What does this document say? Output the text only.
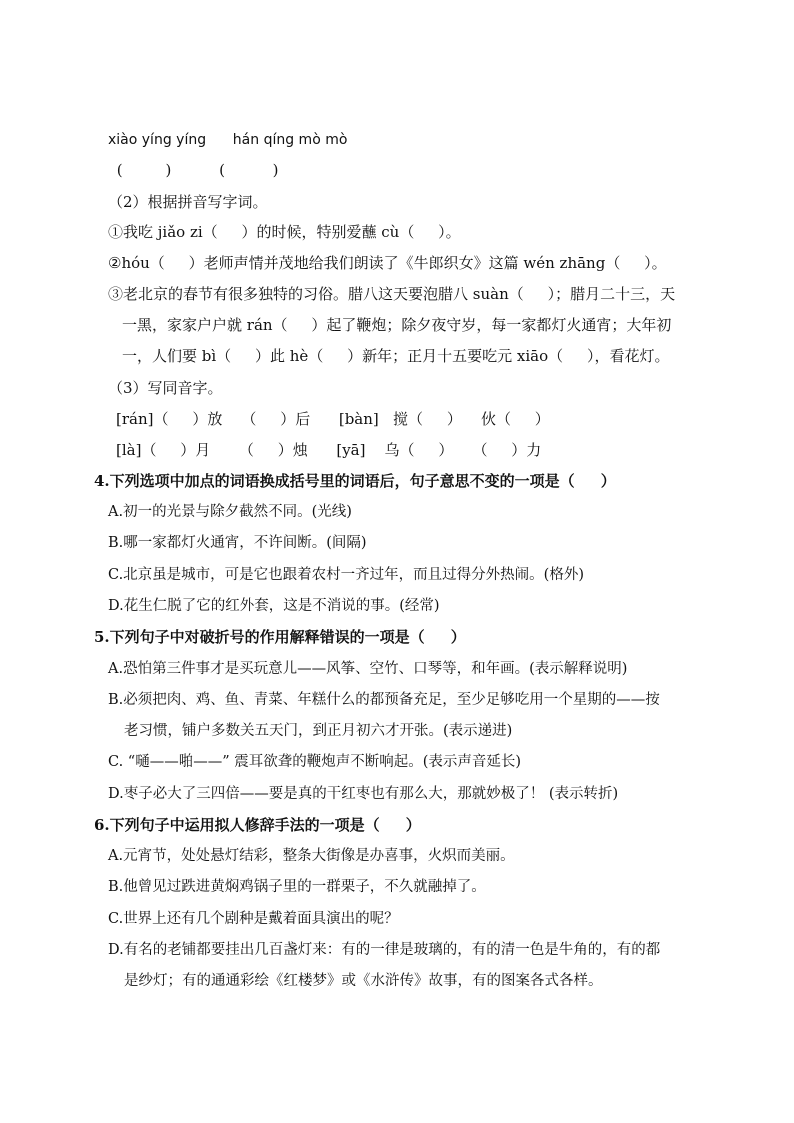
xiào yíng yíng      hán qíng mò mò
(         )          (          )
（2）根据拼音写字词。
①我吃 jiǎo zi（     ）的时候，特别爱蘸 cù（     ）。
②hóu（     ）老师声情并茂地给我们朗读了《牛郎织女》这篇 wén zhāng（     ）。
③老北京的春节有很多独特的习俗。腊八这天要泡腊八 suàn（     ）；腊月二十三，天
一黑，家家户户就 rán（     ）起了鞭炮；除夕夜守岁，每一家都灯火通宵；大年初
一，人们要 bì（     ）此 hè（     ）新年；正月十五要吃元 xiāo（     ），看花灯。
（3）写同音字。
[rán]（     ）放    （     ）后      [bàn]   搅（     ）    伙（     ）
[là]（     ）月      （     ）烛      [yā]    乌（     ）    （     ）力
4.下列选项中加点的词语换成括号里的词语后，句子意思不变的一项是（     ）
A.初一的光景与除夕截然不同。(光线)
B.哪一家都灯火通宵，不许间断。(间隔)
C.北京虽是城市，可是它也跟着农村一齐过年，而且过得分外热闹。(格外)
D.花生仁脱了它的红外套，这是不消说的事。(经常)
5.下列句子中对破折号的作用解释错误的一项是（     ）
A.恐怕第三件事才是买玩意儿——风筝、空竹、口琴等，和年画。(表示解释说明)
B.必须把肉、鸡、鱼、青菜、年糕什么的都预备充足，至少足够吃用一个星期的——按
老习惯，铺户多数关五天门，到正月初六才开张。(表示递进)
C. “嗵——啪——” 震耳欲聋的鞭炮声不断响起。(表示声音延长)
D.枣子必大了三四倍——要是真的干红枣也有那么大，那就妙极了！ (表示转折)
6.下列句子中运用拟人修辞手法的一项是（     ）
A.元宵节，处处悬灯结彩，整条大街像是办喜事，火炽而美丽。
B.他曾见过跌进黄焖鸡锅子里的一群栗子，不久就融掉了。
C.世界上还有几个剧种是戴着面具演出的呢？
D.有名的老铺都要挂出几百盏灯来：有的一律是玻璃的，有的清一色是牛角的，有的都
是纱灯；有的通通彩绘《红楼梦》或《水浒传》故事，有的图案各式各样。
